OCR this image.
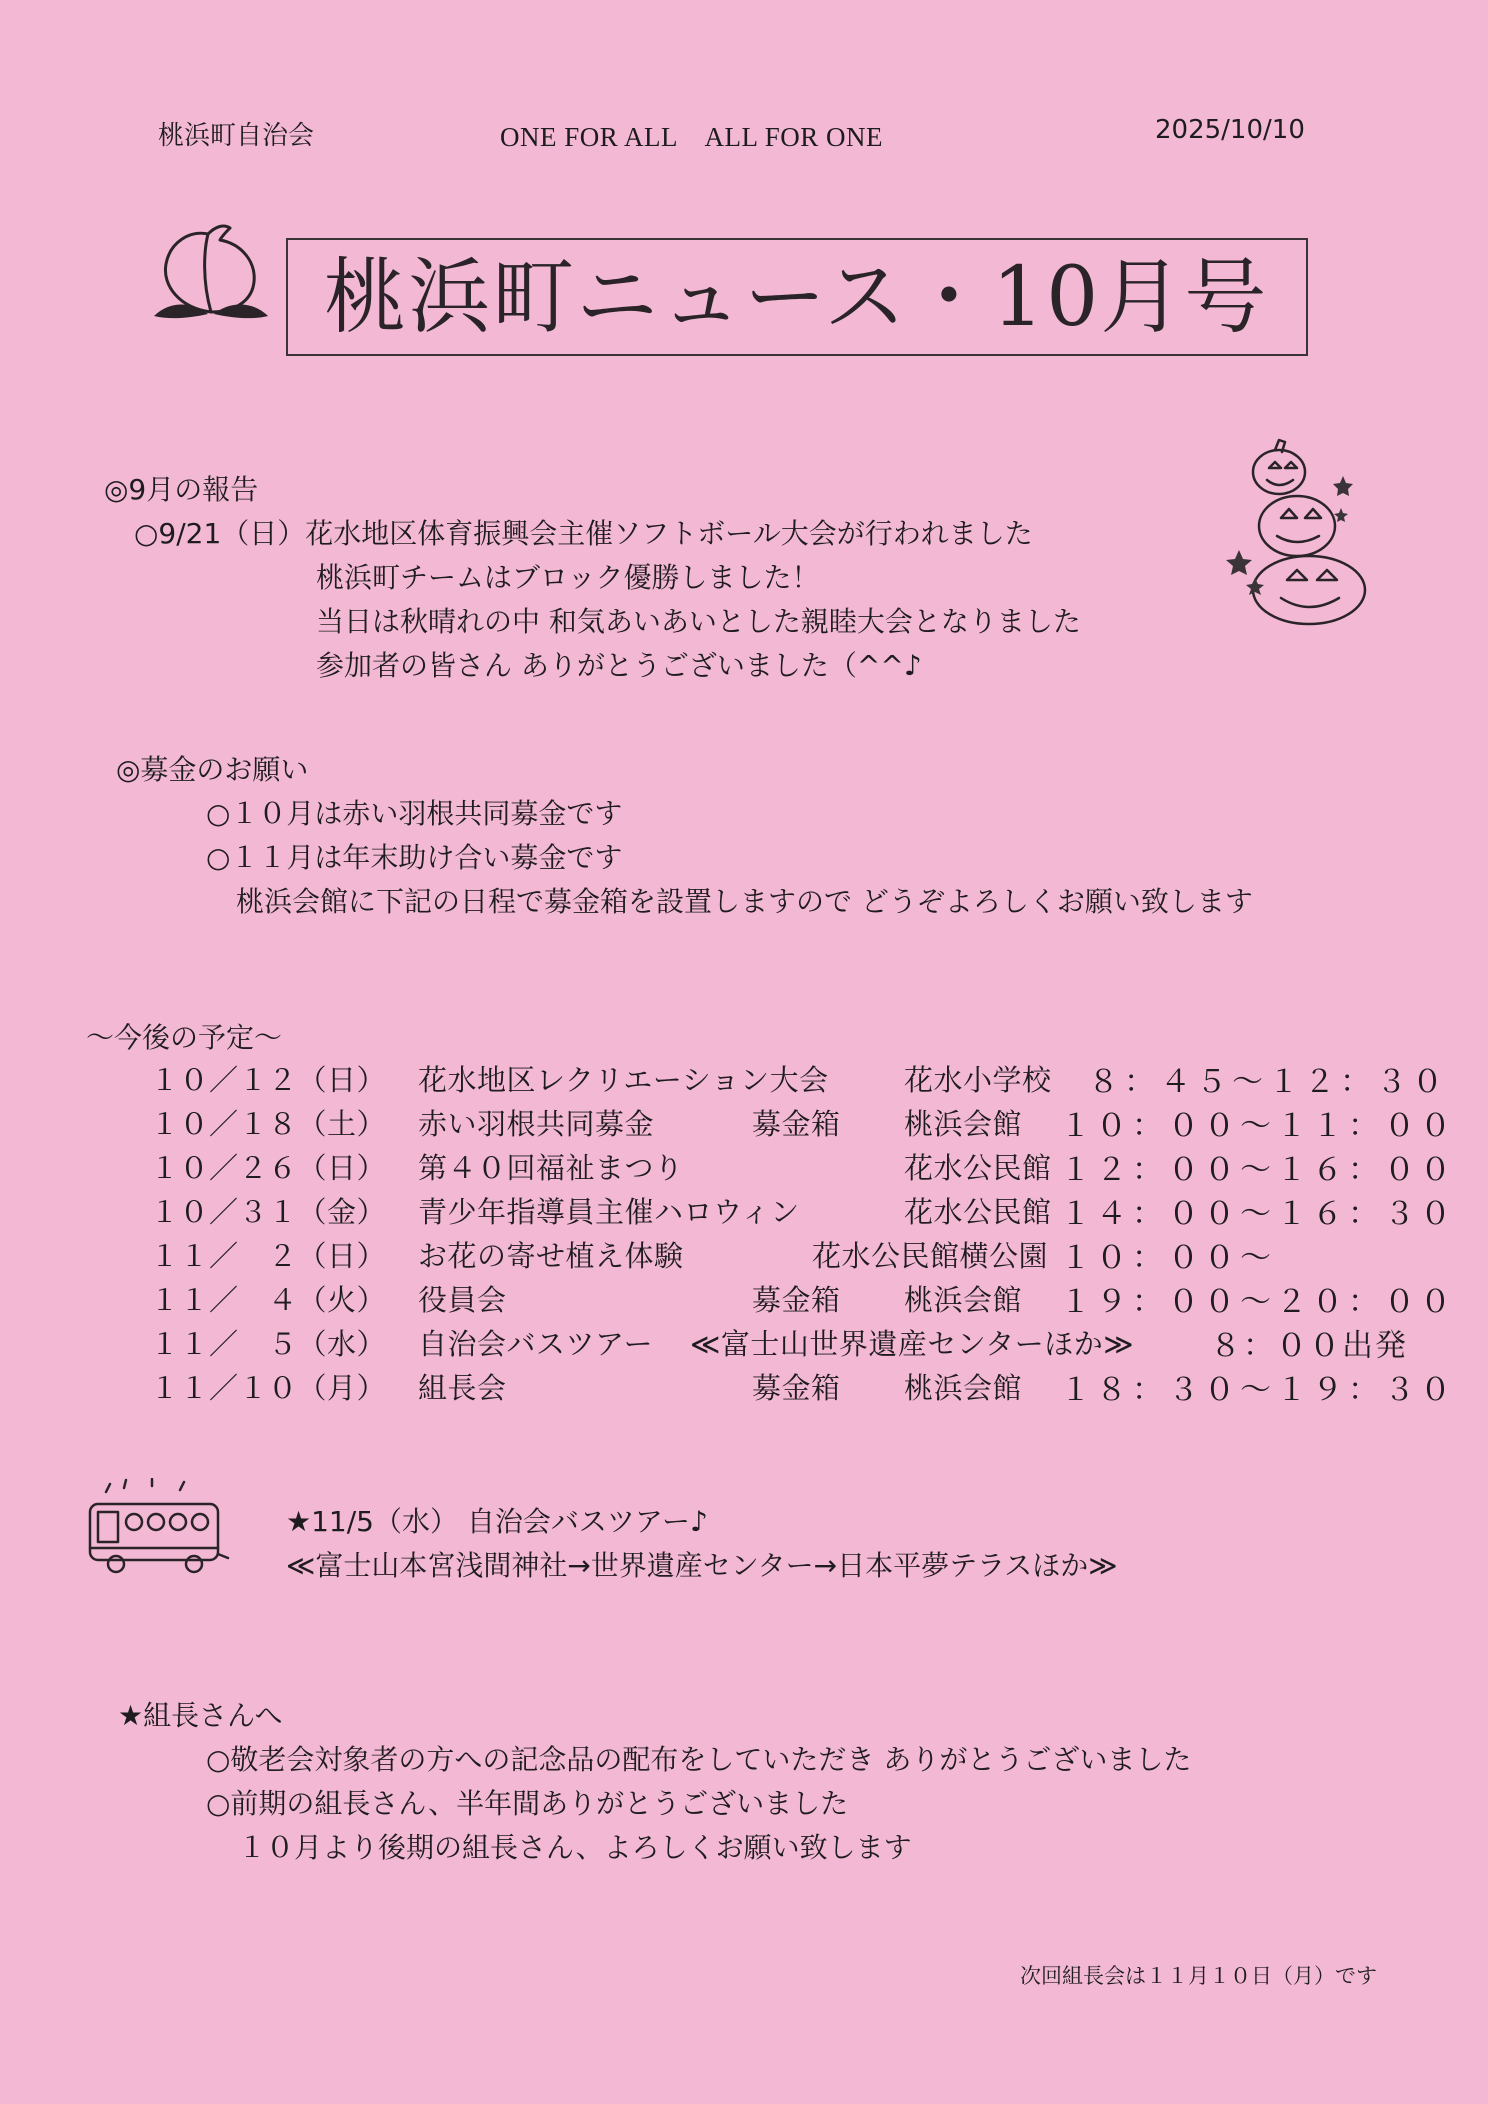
桃浜町自治会	ONE FOR ALL　ALL FOR ONE	2025/10/10
桃浜町ニュース・10月号
◎9月の報告
○9/21（日）花水地区体育振興会主催ソフトボール大会が行われました
桃浜町チームはブロック優勝しました！
当日は秋晴れの中 和気あいあいとした親睦大会となりました
参加者の皆さん ありがとうございました（^^♪
◎募金のお願い
○１０月は赤い羽根共同募金です
○１１月は年末助け合い募金です
桃浜会館に下記の日程で募金箱を設置しますので どうぞよろしくお願い致します
～今後の予定～
１０／１２（日） 花水地区レクリエーション大会	花水小学校 ８：４５～１２：３０
１０／１８（土） 赤い羽根共同募金	募金箱 桃浜会館 １０：００～１１：００
１０／２６（日） 第４０回福祉まつり	花水公民館 １２：００～１６：００
１０／３１（金） 青少年指導員主催ハロウィン	花水公民館 １４：００～１６：３０
１１／　２（日） お花の寄せ植え体験	花水公民館横公園 １０：００～
１１／　４（火） 役員会	募金箱 桃浜会館 １９：００～２０：００
１１／　５（水） 自治会バスツアー ≪富士山世界遺産センターほか≫ ８：００出発
１１／１０（月） 組長会	募金箱 桃浜会館 １８：３０～１９：３０
★11/5（水） 自治会バスツアー♪
≪富士山本宮浅間神社→世界遺産センター→日本平夢テラスほか≫
★組長さんへ
○敬老会対象者の方への記念品の配布をしていただき ありがとうございました
○前期の組長さん、半年間ありがとうございました
１０月より後期の組長さん、よろしくお願い致します
次回組長会は１１月１０日（月）です
